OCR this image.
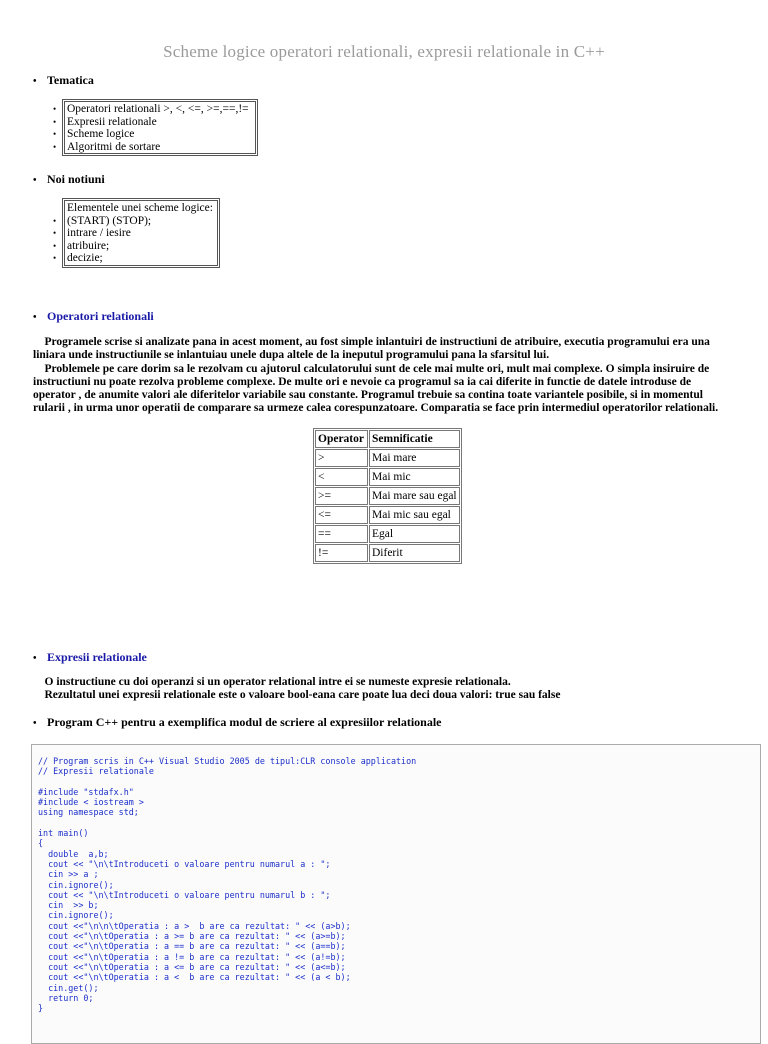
Scheme logice operatori relationali, expresii relationale in C++
• Tematica
• Operatori relationali >, <, <=, >=,==,!=
• Expresii relationale
• Scheme logice
• Algoritmi de sortare
• Noi notiuni
Elementele unei scheme logice:
• (START) (STOP);
• intrare / iesire
• atribuire;
• decizie;
• Operatori relationali
Programele scrise si analizate pana in acest moment, au fost simple inlantuiri de instructiuni de atribuire, executia programului era una
liniara unde instructiunile se inlantuiau unele dupa altele de la ineputul programului pana la sfarsitul lui.
Problemele pe care dorim sa le rezolvam cu ajutorul calculatorului sunt de cele mai multe ori, mult mai complexe. O simpla insiruire de
instructiuni nu poate rezolva probleme complexe. De multe ori e nevoie ca programul sa ia cai diferite in functie de datele introduse de
operator , de anumite valori ale diferitelor variabile sau constante. Programul trebuie sa contina toate variantele posibile, si in momentul
rularii , in urma unor operatii de comparare sa urmeze calea corespunzatoare. Comparatia se face prin intermediul operatorilor relationali.
Operator	Semnificatie
>	Mai mare
<	Mai mic
>=	Mai mare sau egal
<=	Mai mic sau egal
==	Egal
!=	Diferit
• Expresii relationale
O instructiune cu doi operanzi si un operator relational intre ei se numeste expresie relationala.
Rezultatul unei expresii relationale este o valoare bool-eana care poate lua deci doua valori: true sau false
• Program C++ pentru a exemplifica modul de scriere al expresiilor relationale
// Program scris in C++ Visual Studio 2005 de tipul:CLR console application
// Expresii relationale

#include "stdafx.h"
#include < iostream >
using namespace std;

int main()
{
double  a,b;
cout << "\n\tIntroduceti o valoare pentru numarul a : ";
cin >> a ;
cin.ignore();
cout << "\n\tIntroduceti o valoare pentru numarul b : ";
cin  >> b;
cin.ignore();
cout <<"\n\n\tOperatia : a >  b are ca rezultat: " << (a>b);
cout <<"\n\tOperatia : a >= b are ca rezultat: " << (a>=b);
cout <<"\n\tOperatia : a == b are ca rezultat: " << (a==b);
cout <<"\n\tOperatia : a != b are ca rezultat: " << (a!=b);
cout <<"\n\tOperatia : a <= b are ca rezultat: " << (a<=b);
cout <<"\n\tOperatia : a <  b are ca rezultat: " << (a < b);
cin.get();
return 0;
}
